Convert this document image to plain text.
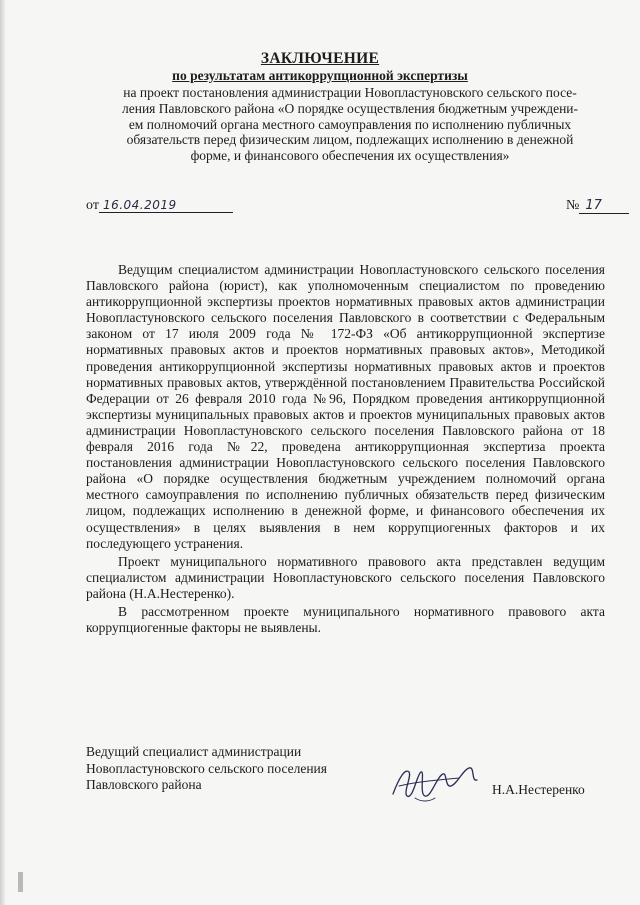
ЗАКЛЮЧЕНИЕ
по результатам антикоррупционной экспертизы
на проект постановления администрации Новопластуновского сельского посе-
ления Павловского района «О порядке осуществления бюджетным учреждени-
ем полномочий органа местного самоуправления по исполнению публичных
обязательств перед физическим лицом, подлежащих исполнению в денежной
форме, и финансового обеспечения их осуществления»
от 16.04.2019	№ 17

Ведущим специалистом администрации Новопластуновского сельского поселения Павловского района (юрист), как уполномоченным специалистом по проведению антикоррупционной экспертизы проектов нормативных правовых актов администрации Новопластуновского сельского поселения Павловского в соответствии с Федеральным законом от 17 июля 2009 года № 172-ФЗ «Об антикоррупционной экспертизе нормативных правовых актов и проектов нормативных правовых актов», Методикой проведения антикоррупционной экспертизы нормативных правовых актов и проектов нормативных правовых актов, утверждённой постановлением Правительства Российской Федерации от 26 февраля 2010 года №96, Порядком проведения антикоррупционной экспертизы муниципальных правовых актов и проектов муниципальных правовых актов администрации Новопластуновского сельского поселения Павловского района от 18 февраля 2016 года №22, проведена антикоррупционная экспертиза проекта постановления администрации Новопластуновского сельского поселения Павловского района «О порядке осуществления бюджетным учреждением полномочий органа местного самоуправления по исполнению публичных обязательств перед физическим лицом, подлежащих исполнению в денежной форме, и финансового обеспечения их осуществления» в целях выявления в нем коррупциогенных факторов и их последующего устранения.

Проект муниципального нормативного правового акта представлен ведущим специалистом администрации Новопластуновского сельского поселения Павловского района (Н.А.Нестеренко).

В рассмотренном проекте муниципального нормативного правового акта коррупциогенные факторы не выявлены.

Ведущий специалист администрации
Новопластуновского сельского поселения
Павловского района	Н.А.Нестеренко
